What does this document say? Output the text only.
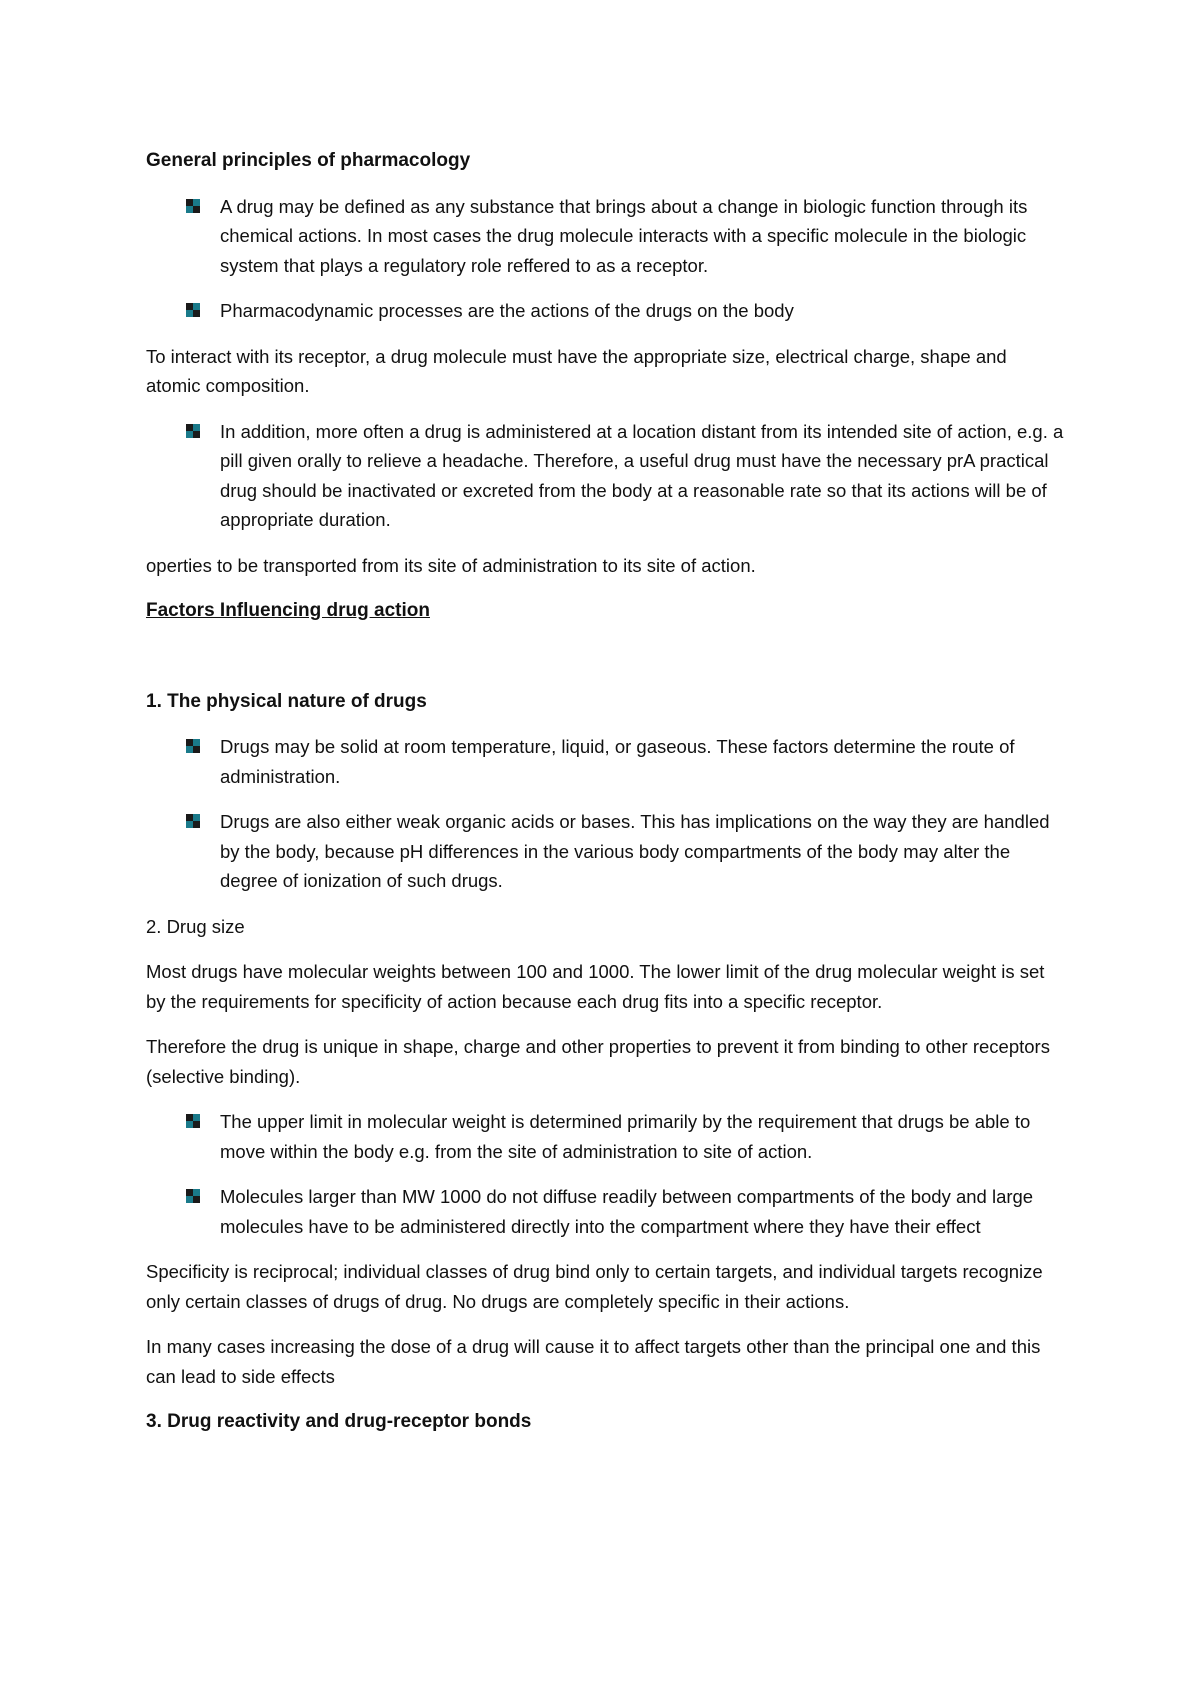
General principles of pharmacology
A drug may be defined as any substance that brings about a change in biologic function through its chemical actions. In most cases the drug molecule interacts with a specific molecule in the biologic system that plays a regulatory role reffered to as a receptor.
Pharmacodynamic processes are the actions of the drugs on the body

To interact with its receptor, a drug molecule must have the appropriate size, electrical charge, shape and atomic composition.

In addition, more often a drug is administered at a location distant from its intended site of action, e.g. a pill given orally to relieve a headache. Therefore, a useful drug must have the necessary prA practical drug should be inactivated or excreted from the body at a reasonable rate so that its actions will be of appropriate duration.

operties to be transported from its site of administration to its site of action.

Factors Influencing drug action
1. The physical nature of drugs
Drugs may be solid at room temperature, liquid, or gaseous. These factors determine the route of administration.
Drugs are also either weak organic acids or bases. This has implications on the way they are handled by the body, because pH differences in the various body compartments of the body may alter the degree of ionization of such drugs.

2. Drug size

Most drugs have molecular weights between 100 and 1000. The lower limit of the drug molecular weight is set by the requirements for specificity of action because each drug fits into a specific receptor.

Therefore the drug is unique in shape, charge and other properties to prevent it from binding to other receptors (selective binding).

The upper limit in molecular weight is determined primarily by the requirement that drugs be able to move within the body e.g. from the site of administration to site of action.
Molecules larger than MW 1000 do not diffuse readily between compartments of the body and large molecules have to be administered directly into the compartment where they have their effect

Specificity is reciprocal; individual classes of drug bind only to certain targets, and individual targets recognize only certain classes of drugs of drug. No drugs are completely specific in their actions.

In many cases increasing the dose of a drug will cause it to affect targets other than the principal one and this can lead to side effects

3. Drug reactivity and drug-receptor bonds
